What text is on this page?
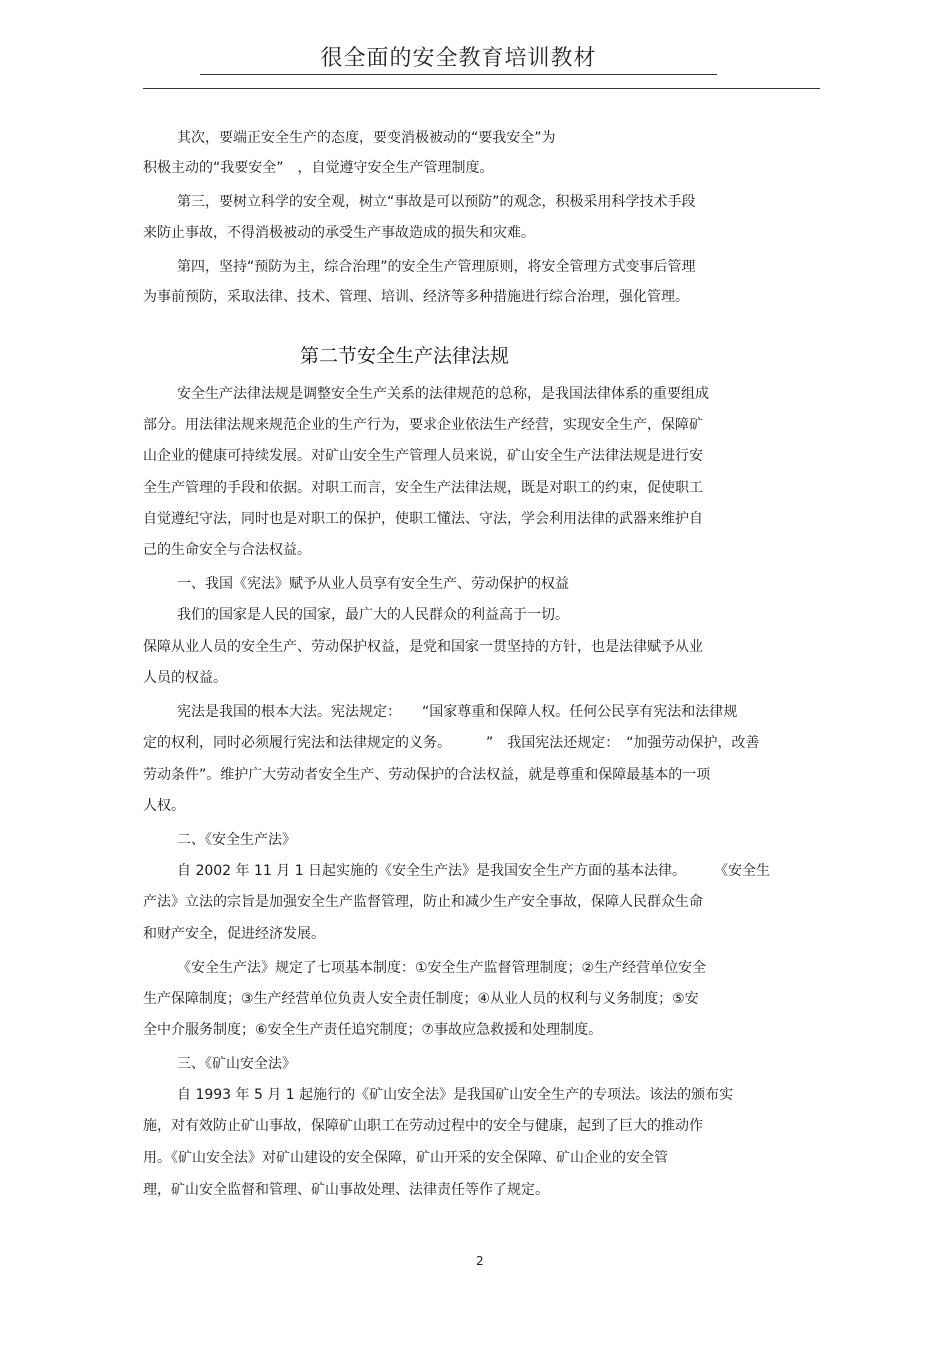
很全面的安全教育培训教材
其次，要端正安全生产的态度，要变消极被动的“要我安全”为
积极主动的“我要安全”　，自觉遵守安全生产管理制度。
第三，要树立科学的安全观，树立“事故是可以预防”的观念，积极采用科学技术手段
来防止事故，不得消极被动的承受生产事故造成的损失和灾难。
第四，坚持“预防为主，综合治理”的安全生产管理原则，将安全管理方式变事后管理
为事前预防，采取法律、技术、管理、培训、经济等多种措施进行综合治理，强化管理。
第二节安全生产法律法规
安全生产法律法规是调整安全生产关系的法律规范的总称，是我国法律体系的重要组成
部分。用法律法规来规范企业的生产行为，要求企业依法生产经营，实现安全生产，保障矿
山企业的健康可持续发展。对矿山安全生产管理人员来说，矿山安全生产法律法规是进行安
全生产管理的手段和依据。对职工而言，安全生产法律法规，既是对职工的约束，促使职工
自觉遵纪守法，同时也是对职工的保护，使职工懂法、守法，学会利用法律的武器来维护自
己的生命安全与合法权益。
一、我国《宪法》赋予从业人员享有安全生产、劳动保护的权益
我们的国家是人民的国家，最广大的人民群众的利益高于一切。
保障从业人员的安全生产、劳动保护权益，是党和国家一贯坚持的方针，也是法律赋予从业
人员的权益。
宪法是我国的根本大法。宪法规定：　　“国家尊重和保障人权。任何公民享有宪法和法律规
定的权利，同时必须履行宪法和法律规定的义务。　　　”　我国宪法还规定：　“加强劳动保护，改善
劳动条件”。维护广大劳动者安全生产、劳动保护的合法权益，就是尊重和保障最基本的一项
人权。
二、《安全生产法》
自 2002 年 11 月 1 日起实施的《安全生产法》是我国安全生产方面的基本法律。　　　《安全生
产法》立法的宗旨是加强安全生产监督管理，防止和减少生产安全事故，保障人民群众生命
和财产安全，促进经济发展。
《安全生产法》规定了七项基本制度：①安全生产监督管理制度；②生产经营单位安全
生产保障制度；③生产经营单位负责人安全责任制度；④从业人员的权利与义务制度；⑤安
全中介服务制度；⑥安全生产责任追究制度；⑦事故应急救援和处理制度。
三、《矿山安全法》
自 1993 年 5 月 1 起施行的《矿山安全法》是我国矿山安全生产的专项法。该法的颁布实
施，对有效防止矿山事故，保障矿山职工在劳动过程中的安全与健康，起到了巨大的推动作
用。《矿山安全法》对矿山建设的安全保障，矿山开采的安全保障、矿山企业的安全管
理，矿山安全监督和管理、矿山事故处理、法律责任等作了规定。
2
